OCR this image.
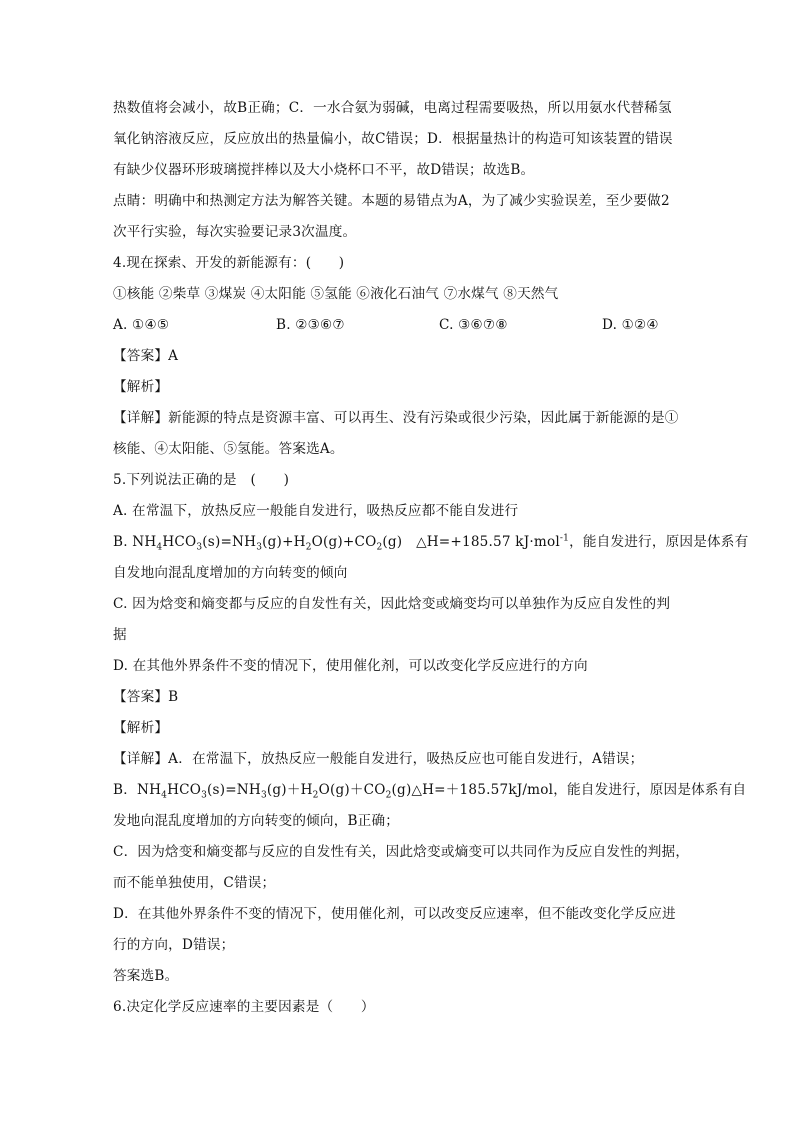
热数值将会减小，故B正确；C．一水合氨为弱碱，电离过程需要吸热，所以用氨水代替稀氢
氧化钠溶液反应，反应放出的热量偏小，故C错误；D．根据量热计的构造可知该装置的错误
有缺少仪器环形玻璃搅拌棒以及大小烧杯口不平，故D错误；故选B。
点睛：明确中和热测定方法为解答关键。本题的易错点为A，为了减少实验误差，至少要做2
次平行实验，每次实验要记录3次温度。
4.现在探索、开发的新能源有：(　　)
①核能 ②柴草 ③煤炭 ④太阳能 ⑤氢能 ⑥液化石油气 ⑦水煤气 ⑧天然气
A. ①④⑤	B. ②③⑥⑦	C. ③⑥⑦⑧	D. ①②④
【答案】A
【解析】
【详解】新能源的特点是资源丰富、可以再生、没有污染或很少污染，因此属于新能源的是①
核能、④太阳能、⑤氢能。答案选A。
5.下列说法正确的是　(　　)
A. 在常温下，放热反应一般能自发进行，吸热反应都不能自发进行
B. $NH_4HCO_3(s)=NH_3(g)+H_2O(g)+CO_2(g)$　△H=+185.57 kJ·mol$^{-1}$，能自发进行，原因是体系有
自发地向混乱度增加的方向转变的倾向
C. 因为焓变和熵变都与反应的自发性有关，因此焓变或熵变均可以单独作为反应自发性的判
据
D. 在其他外界条件不变的情况下，使用催化剂，可以改变化学反应进行的方向
【答案】B
【解析】
【详解】A．在常温下，放热反应一般能自发进行，吸热反应也可能自发进行，A错误；
B．$NH_4HCO_3(s)=NH_3(g)+H_2O(g)+CO_2(g)\triangle H=+185.57kJ$/mol，能自发进行，原因是体系有自
发地向混乱度增加的方向转变的倾向，B正确；
C．因为焓变和熵变都与反应的自发性有关，因此焓变或熵变可以共同作为反应自发性的判据，
而不能单独使用，C错误；
D．在其他外界条件不变的情况下，使用催化剂，可以改变反应速率，但不能改变化学反应进
行的方向，D错误；
答案选B。
6.决定化学反应速率的主要因素是（　　）
